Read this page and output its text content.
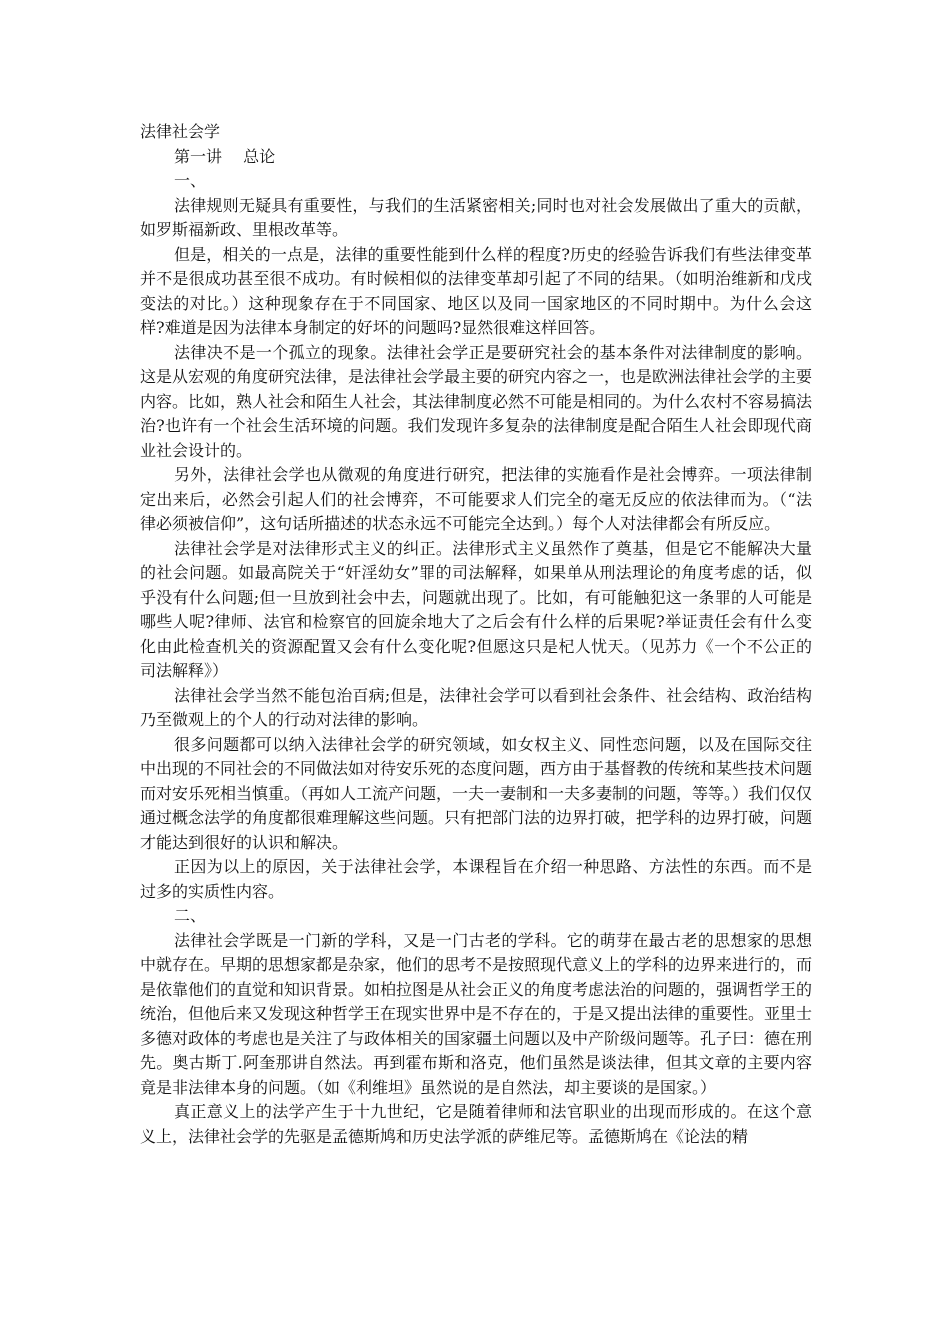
法律社会学

第一讲　 总论

一、

法律规则无疑具有重要性，与我们的生活紧密相关;同时也对社会发展做出了重大的贡献，如罗斯福新政、里根改革等。

但是，相关的一点是，法律的重要性能到什么样的程度?历史的经验告诉我们有些法律变革并不是很成功甚至很不成功。有时候相似的法律变革却引起了不同的结果。（如明治维新和戊戌变法的对比。）这种现象存在于不同国家、地区以及同一国家地区的不同时期中。为什么会这样?难道是因为法律本身制定的好坏的问题吗?显然很难这样回答。

法律决不是一个孤立的现象。法律社会学正是要研究社会的基本条件对法律制度的影响。这是从宏观的角度研究法律，是法律社会学最主要的研究内容之一，也是欧洲法律社会学的主要内容。比如，熟人社会和陌生人社会，其法律制度必然不可能是相同的。为什么农村不容易搞法治?也许有一个社会生活环境的问题。我们发现许多复杂的法律制度是配合陌生人社会即现代商业社会设计的。

另外，法律社会学也从微观的角度进行研究，把法律的实施看作是社会博弈。一项法律制定出来后，必然会引起人们的社会博弈，不可能要求人们完全的毫无反应的依法律而为。（“法律必须被信仰”，这句话所描述的状态永远不可能完全达到。）每个人对法律都会有所反应。

法律社会学是对法律形式主义的纠正。法律形式主义虽然作了奠基，但是它不能解决大量的社会问题。如最高院关于“奸淫幼女”罪的司法解释，如果单从刑法理论的角度考虑的话，似乎没有什么问题;但一旦放到社会中去，问题就出现了。比如，有可能触犯这一条罪的人可能是哪些人呢?律师、法官和检察官的回旋余地大了之后会有什么样的后果呢?举证责任会有什么变化由此检查机关的资源配置又会有什么变化呢?但愿这只是杞人忧天。（见苏力《一个不公正的司法解释》）

法律社会学当然不能包治百病;但是，法律社会学可以看到社会条件、社会结构、政治结构乃至微观上的个人的行动对法律的影响。

很多问题都可以纳入法律社会学的研究领域，如女权主义、同性恋问题，以及在国际交往中出现的不同社会的不同做法如对待安乐死的态度问题，西方由于基督教的传统和某些技术问题而对安乐死相当慎重。（再如人工流产问题，一夫一妻制和一夫多妻制的问题，等等。）我们仅仅通过概念法学的角度都很难理解这些问题。只有把部门法的边界打破，把学科的边界打破，问题才能达到很好的认识和解决。

正因为以上的原因，关于法律社会学，本课程旨在介绍一种思路、方法性的东西。而不是过多的实质性内容。

二、

法律社会学既是一门新的学科，又是一门古老的学科。它的萌芽在最古老的思想家的思想中就存在。早期的思想家都是杂家，他们的思考不是按照现代意义上的学科的边界来进行的，而是依靠他们的直觉和知识背景。如柏拉图是从社会正义的角度考虑法治的问题的，强调哲学王的统治，但他后来又发现这种哲学王在现实世界中是不存在的，于是又提出法律的重要性。亚里士多德对政体的考虑也是关注了与政体相关的国家疆土问题以及中产阶级问题等。孔子曰：德在刑先。奥古斯丁.阿奎那讲自然法。再到霍布斯和洛克，他们虽然是谈法律，但其文章的主要内容竟是非法律本身的问题。（如《利维坦》虽然说的是自然法，却主要谈的是国家。）

真正意义上的法学产生于十九世纪，它是随着律师和法官职业的出现而形成的。在这个意义上，法律社会学的先驱是孟德斯鸠和历史法学派的萨维尼等。孟德斯鸠在《论法的精
